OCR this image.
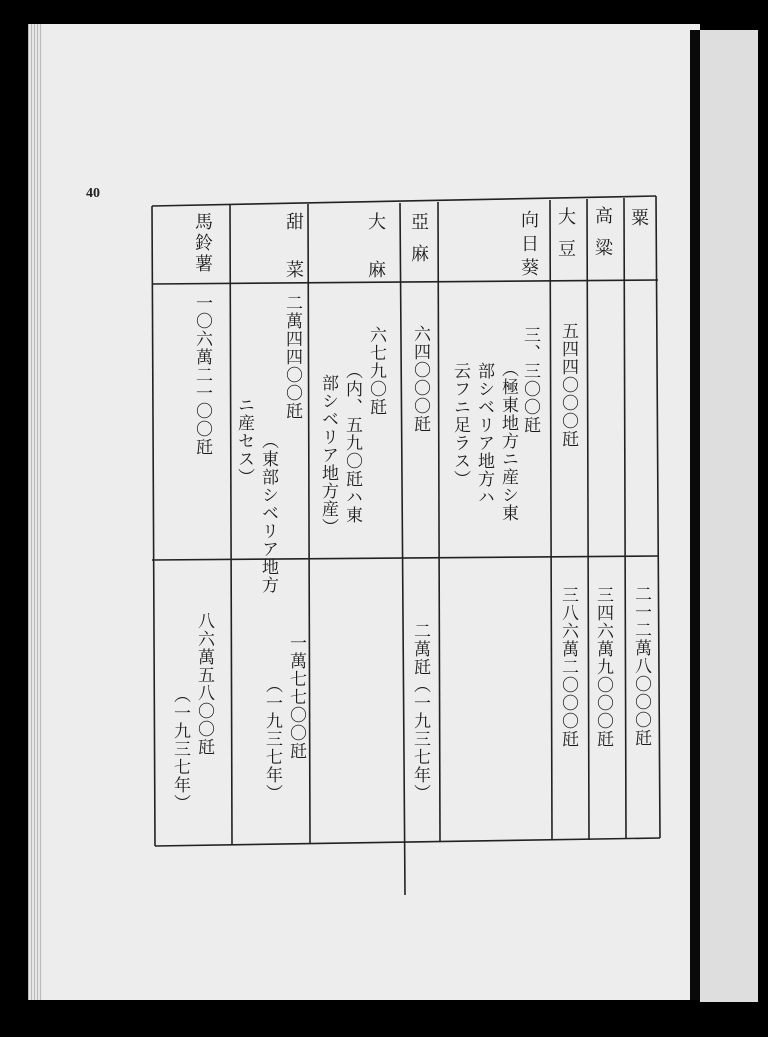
40
粟
二一二萬八〇〇〇瓩
高粱
三四六萬九〇〇〇瓩
大豆
五四四〇〇〇瓩
三八六萬二〇〇〇瓩
向日葵
三、三〇〇瓩
（極東地方ニ産シ東
部シベリア地方ハ
云フニ足ラス）
亞麻
六四〇〇〇瓩
二萬瓩（一九三七年）
大麻
六七九〇瓩
（内、五九〇瓩ハ東
部シベリア地方産）
甜菜
二萬四四〇〇瓩
（東部シベリア地方
ニ産セス）
一萬七七〇〇瓩
（一九三七年）
馬鈴薯
一〇六萬二一〇〇瓩
八六萬五八〇〇瓩
（一九三七年）
